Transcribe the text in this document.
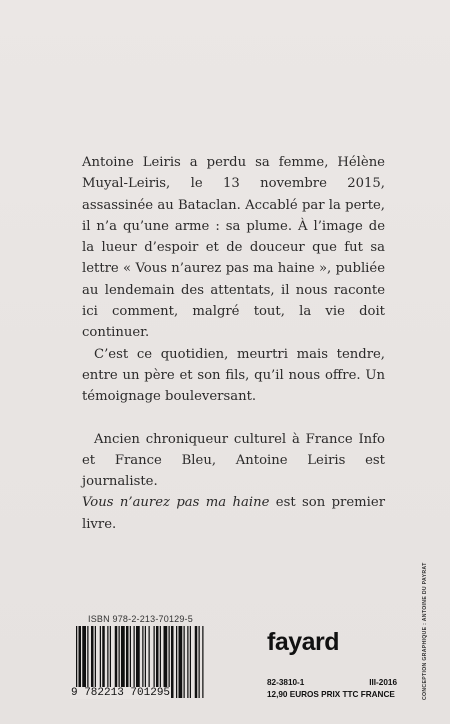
Antoine Leiris a perdu sa femme, Hélène Muyal-Leiris, le 13 novembre 2015, assassinée au Bataclan. Accablé par la perte, il n’a qu’une arme : sa plume. À l’image de la lueur d’espoir et de douceur que fut sa lettre « Vous n’aurez pas ma haine », publiée au lendemain des attentats, il nous raconte ici comment, malgré tout, la vie doit continuer.

C’est ce quotidien, meurtri mais tendre, entre un père et son fils, qu’il nous offre. Un témoignage bouleversant.

Ancien chroniqueur culturel à France Info et France Bleu, Antoine Leiris est journaliste.

Vous n’aurez pas ma haine est son premier livre.

ISBN 978-2-213-70129-5
9 782213 701295
fayard
82-3810-1	III-2016
12,90 EUROS PRIX TTC FRANCE	CONCEPTION GRAPHIQUE : ANTOINE DU PAYRAT
